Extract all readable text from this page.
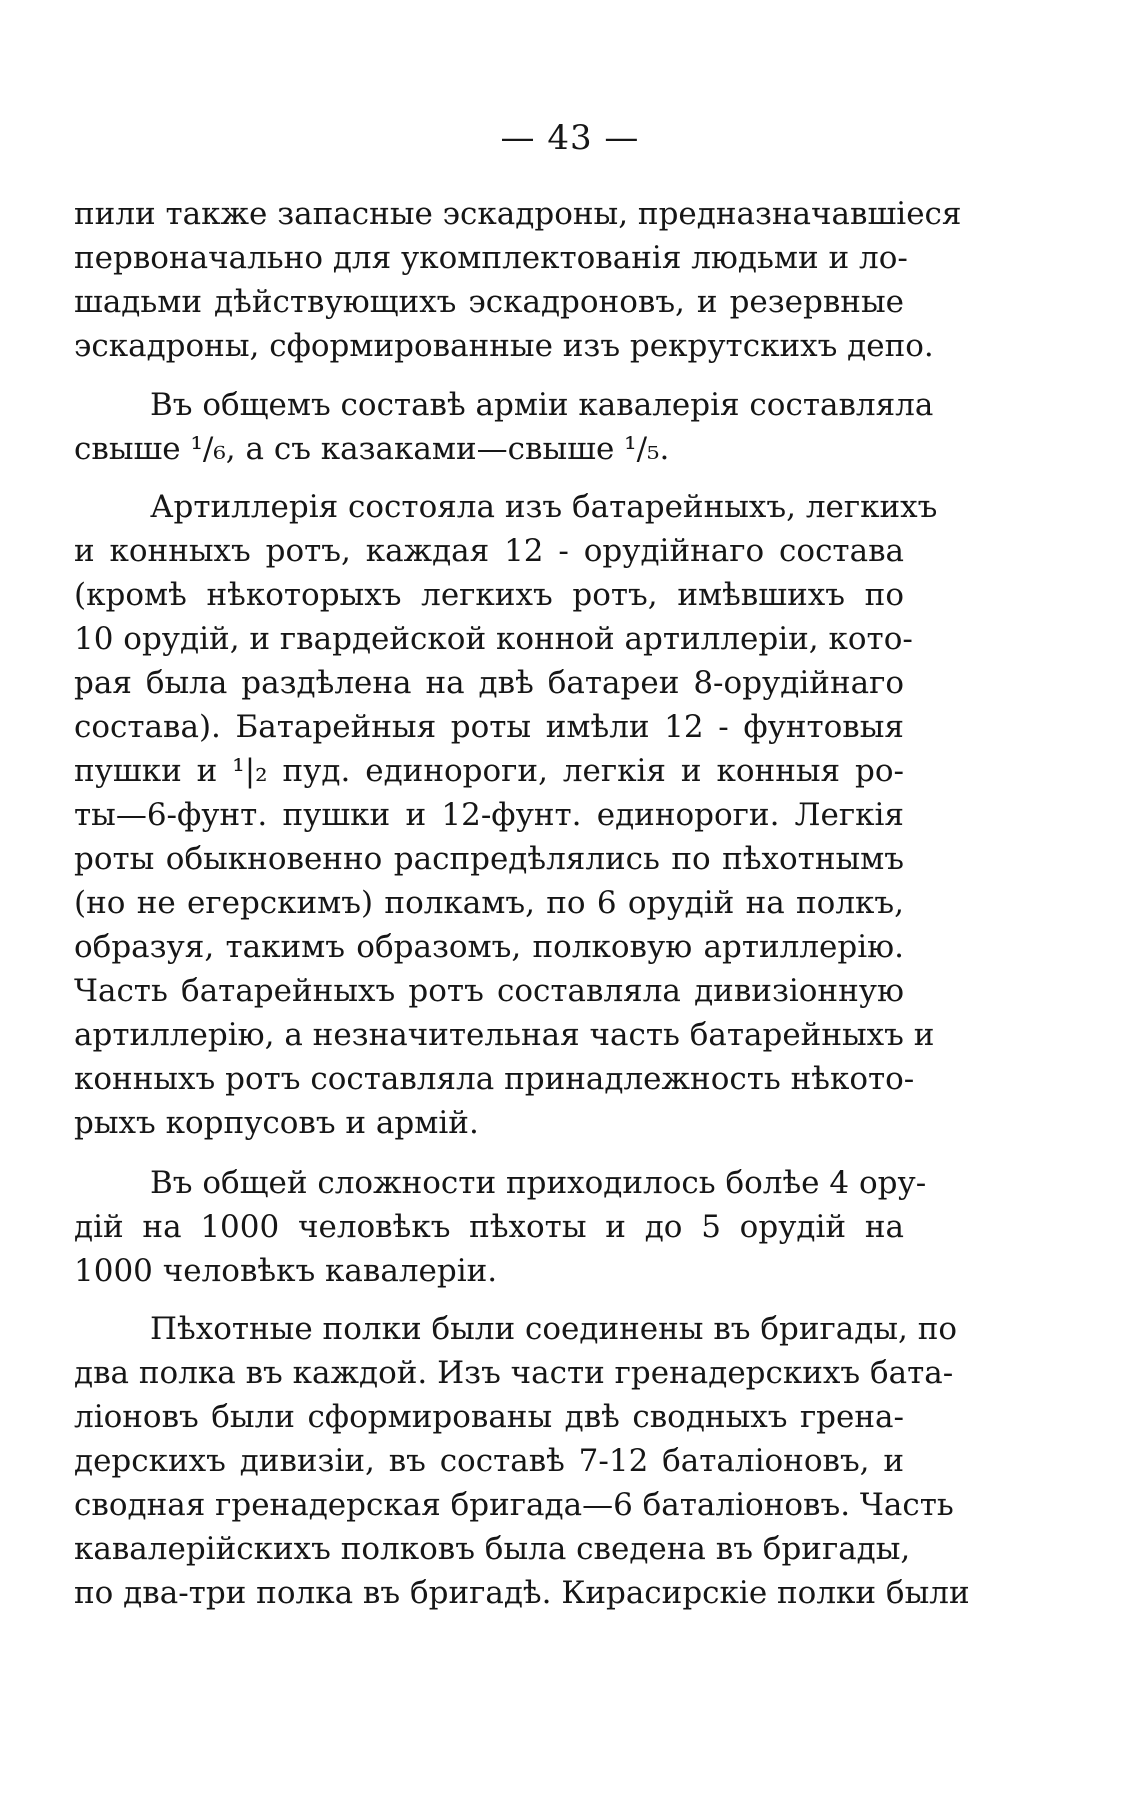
— 43 —
пили также запасные эскадроны, предназначавшіеся
первоначально для укомплектованія людьми и ло-
шадьми дѣйствующихъ эскадроновъ, и резервные
эскадроны, сформированные изъ рекрутскихъ депо.
Въ общемъ составѣ арміи кавалерія составляла
свыше ¹/₆, а съ казаками—свыше ¹/₅.
Артиллерія состояла изъ батарейныхъ, легкихъ
и конныхъ ротъ, каждая 12 - орудійнаго состава
(кромѣ нѣкоторыхъ легкихъ ротъ, имѣвшихъ по
10 орудій, и гвардейской конной артиллеріи, кото-
рая была раздѣлена на двѣ батареи 8-орудійнаго
состава). Батарейныя роты имѣли 12 - фунтовыя
пушки и ¹|₂ пуд. единороги, легкія и конныя ро-
ты—6-фунт. пушки и 12-фунт. единороги. Легкія
роты обыкновенно распредѣлялись по пѣхотнымъ
(но не егерскимъ) полкамъ, по 6 орудій на полкъ,
образуя, такимъ образомъ, полковую артиллерію.
Часть батарейныхъ ротъ составляла дивизіонную
артиллерію, а незначительная часть батарейныхъ и
конныхъ ротъ составляла принадлежность нѣкото-
рыхъ корпусовъ и армій.
Въ общей сложности приходилось болѣе 4 ору-
дій на 1000 человѣкъ пѣхоты и до 5 орудій на
1000 человѣкъ кавалеріи.
Пѣхотные полки были соединены въ бригады, по
два полка въ каждой. Изъ части гренадерскихъ бата-
ліоновъ были сформированы двѣ сводныхъ грена-
дерскихъ дивизіи, въ составѣ 7-12 баталіоновъ, и
сводная гренадерская бригада—6 баталіоновъ. Часть
кавалерійскихъ полковъ была сведена въ бригады,
по два-три полка въ бригадѣ. Кирасирскіе полки были
